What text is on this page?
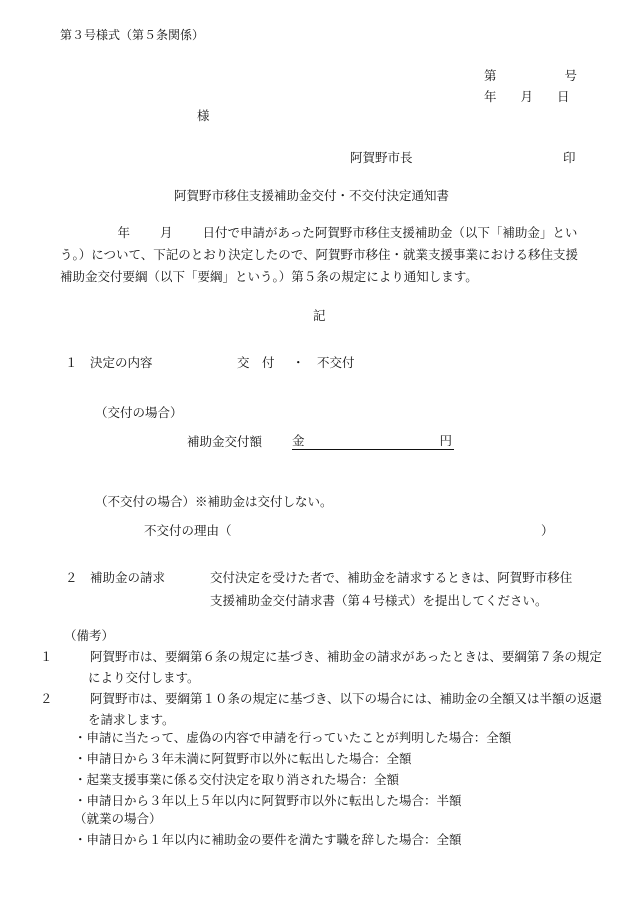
第３号様式（第５条関係）
第	号
年 月 日
様
阿賀野市長	印
阿賀野市移住支援補助金交付・不交付決定通知書
年 月 日付で申請があった阿賀野市移住支援補助金（以下「補助金」という。）について、下記のとおり決定したので、阿賀野市移住・就業支援事業における移住支援補助金交付要綱（以下「要綱」という。）第５条の規定により通知します。
記
１ 決定の内容	交　付 ・ 不交付
（交付の場合）
補助金交付額 金	円
（不交付の場合）※補助金は交付しない。
不交付の理由（	）
２ 補助金の請求	交付決定を受けた者で、補助金を請求するときは、阿賀野市移住支援補助金交付請求書（第４号様式）を提出してください。
（備考）
１	阿賀野市は、要綱第６条の規定に基づき、補助金の請求があったときは、要綱第７条の規定により交付します。
２	阿賀野市は、要綱第１０条の規定に基づき、以下の場合には、補助金の全額又は半額の返還を請求します。
・申請に当たって、虚偽の内容で申請を行っていたことが判明した場合：全額
・申請日から３年未満に阿賀野市以外に転出した場合：全額
・起業支援事業に係る交付決定を取り消された場合：全額
・申請日から３年以上５年以内に阿賀野市以外に転出した場合：半額
（就業の場合）
・申請日から１年以内に補助金の要件を満たす職を辞した場合：全額
